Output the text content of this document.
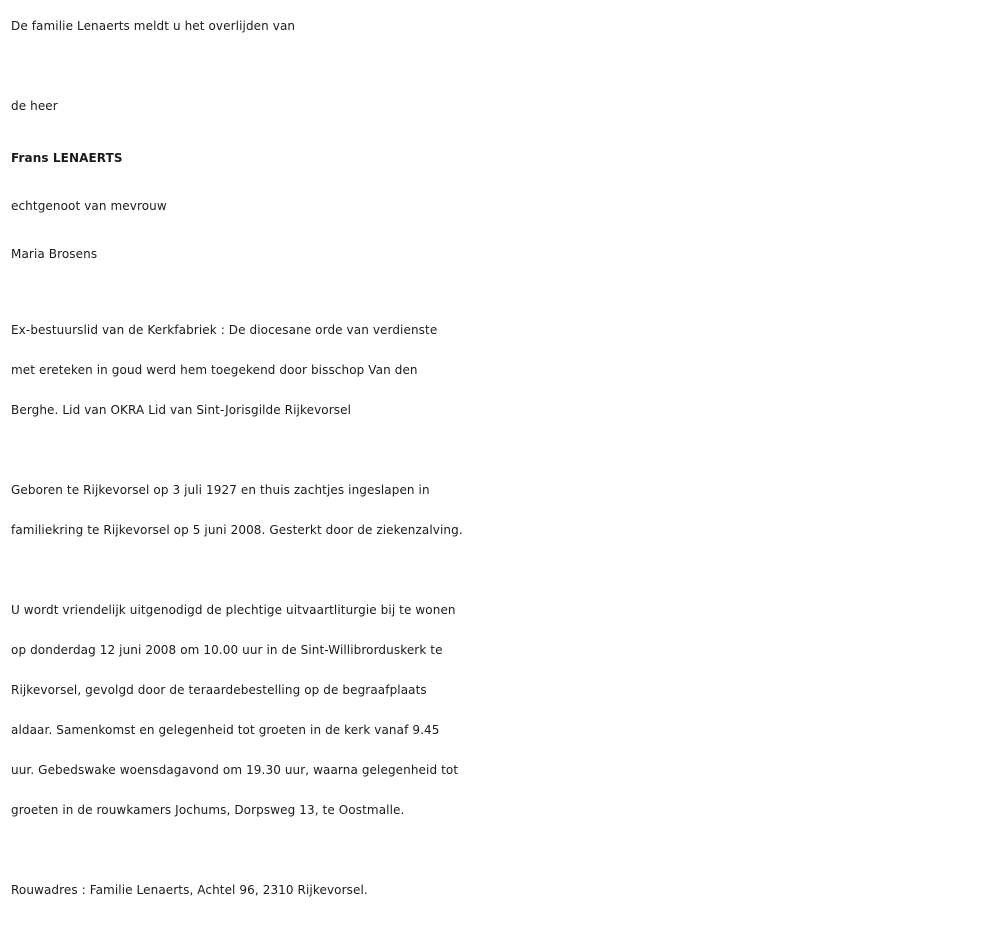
De familie Lenaerts meldt u het overlijden van
de heer
Frans LENAERTS
echtgenoot van mevrouw
Maria Brosens
Ex-bestuurslid van de Kerkfabriek : De diocesane orde van verdienste
met ereteken in goud werd hem toegekend door bisschop Van den
Berghe. Lid van OKRA Lid van Sint-Jorisgilde Rijkevorsel
Geboren te Rijkevorsel op 3 juli 1927 en thuis zachtjes ingeslapen in
familiekring te Rijkevorsel op 5 juni 2008. Gesterkt door de ziekenzalving.
U wordt vriendelijk uitgenodigd de plechtige uitvaartliturgie bij te wonen
op donderdag 12 juni 2008 om 10.00 uur in de Sint-Willibrorduskerk te
Rijkevorsel, gevolgd door de teraardebestelling op de begraafplaats
aldaar. Samenkomst en gelegenheid tot groeten in de kerk vanaf 9.45
uur. Gebedswake woensdagavond om 19.30 uur, waarna gelegenheid tot
groeten in de rouwkamers Jochums, Dorpsweg 13, te Oostmalle.
Rouwadres : Familie Lenaerts, Achtel 96, 2310 Rijkevorsel.
